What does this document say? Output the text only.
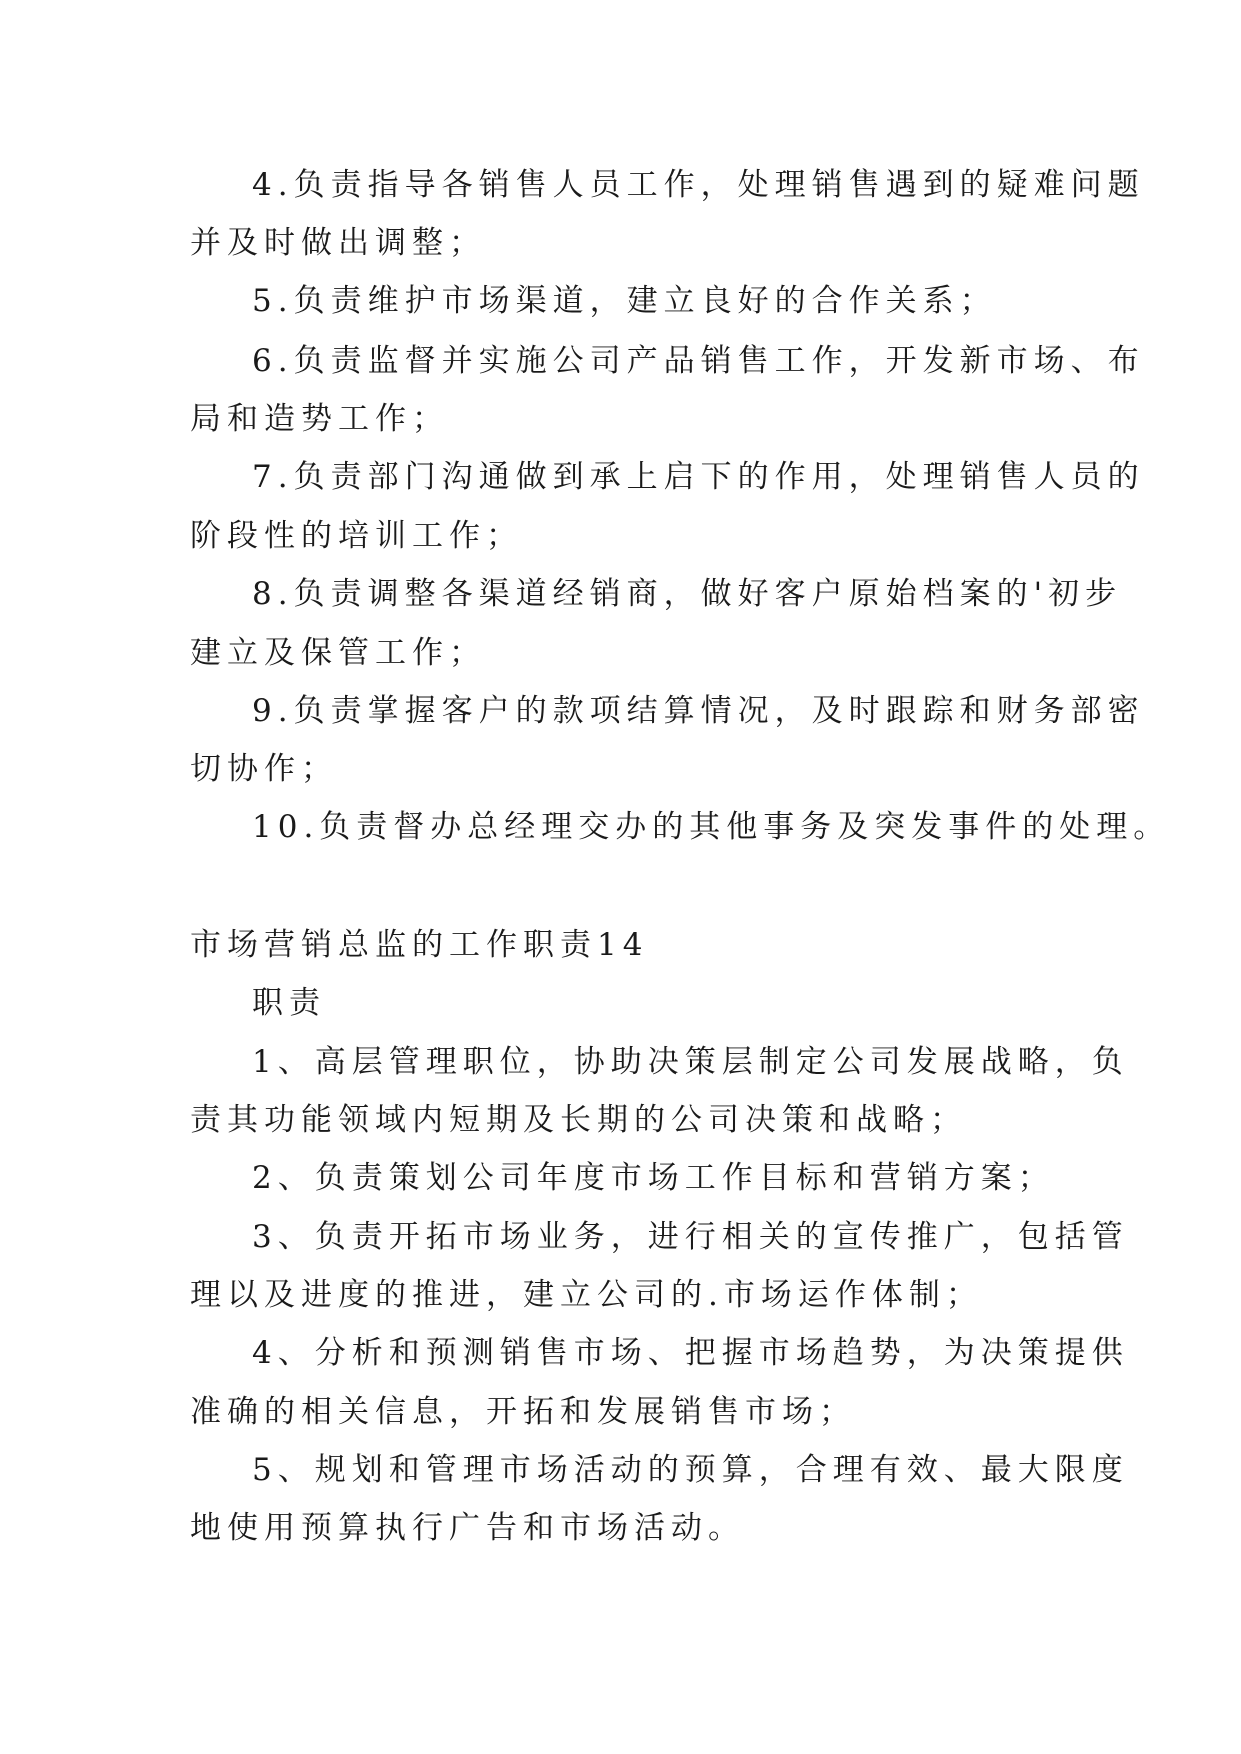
4.负责指导各销售人员工作，处理销售遇到的疑难问题
并及时做出调整；
5.负责维护市场渠道，建立良好的合作关系；
6.负责监督并实施公司产品销售工作，开发新市场、布
局和造势工作；
7.负责部门沟通做到承上启下的作用，处理销售人员的
阶段性的培训工作；
8.负责调整各渠道经销商，做好客户原始档案的'初步
建立及保管工作；
9.负责掌握客户的款项结算情况，及时跟踪和财务部密
切协作；
10.负责督办总经理交办的其他事务及突发事件的处理。
市场营销总监的工作职责14
职责
1、高层管理职位，协助决策层制定公司发展战略，负
责其功能领域内短期及长期的公司决策和战略；
2、负责策划公司年度市场工作目标和营销方案；
3、负责开拓市场业务，进行相关的宣传推广，包括管
理以及进度的推进，建立公司的.市场运作体制；
4、分析和预测销售市场、把握市场趋势，为决策提供
准确的相关信息，开拓和发展销售市场；
5、规划和管理市场活动的预算，合理有效、最大限度
地使用预算执行广告和市场活动。
